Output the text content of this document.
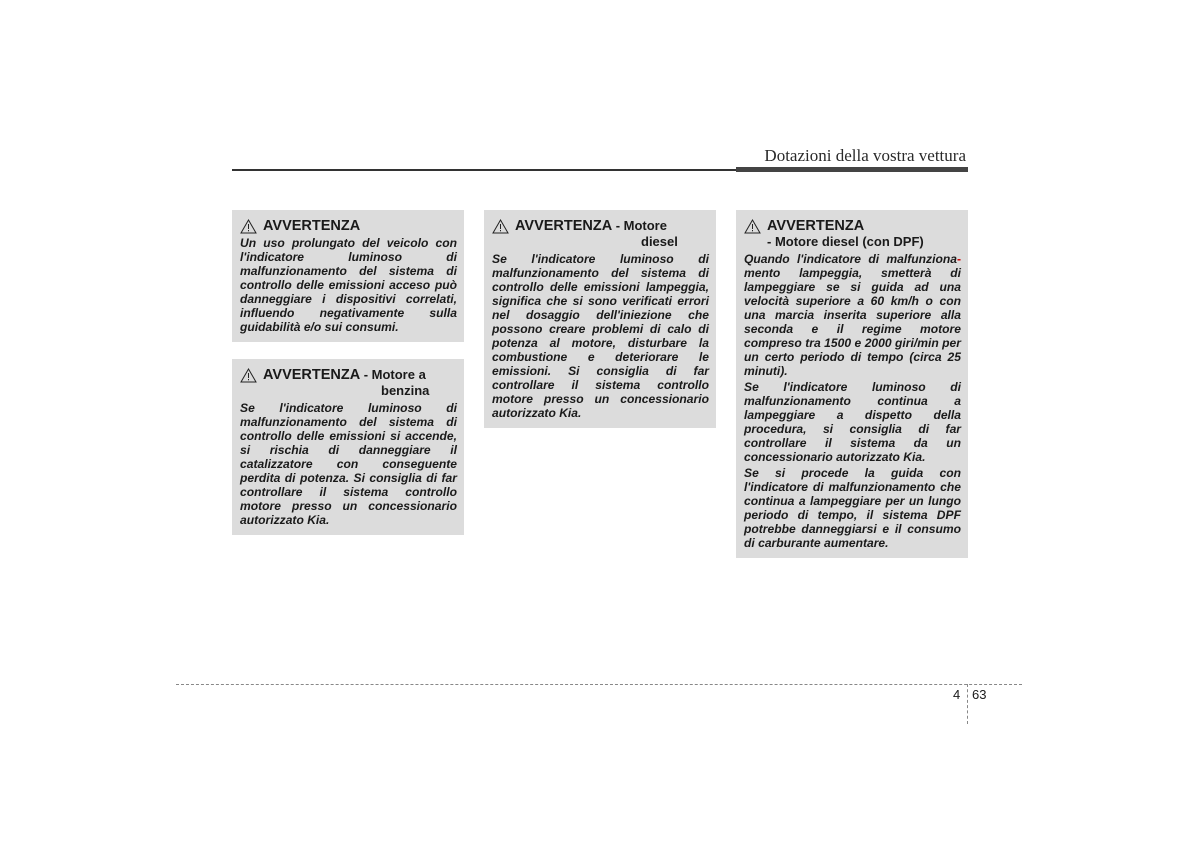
Dotazioni della vostra vettura
AVVERTENZA

Un uso prolungato del veicolo con l'indicatore luminoso di malfunzionamento del sistema di controllo delle emissioni acceso può danneggiare i dispositivi correlati, influendo negativamente sulla guidabilità e/o sui consumi.

AVVERTENZA - Motore a
benzina

Se l'indicatore luminoso di malfunzionamento del sistema di controllo delle emissioni si accende, si rischia di danneggiare il catalizzatore con conseguente perdita di potenza. Si consiglia di far controllare il sistema controllo motore presso un concessionario autorizzato Kia.

AVVERTENZA - Motore
diesel

Se l'indicatore luminoso di malfunzionamento del sistema di controllo delle emissioni lampeggia, significa che si sono verificati errori nel dosaggio dell'iniezione che possono creare problemi di calo di potenza al motore, disturbare la combustione e deteriorare le emissioni. Si consiglia di far controllare il sistema controllo motore presso un concessionario autorizzato Kia.

AVVERTENZA
- Motore diesel (con DPF)

Quando l'indicatore di malfunziona- mento lampeggia, smetterà di lampeggiare se si guida ad una velocità superiore a 60 km/h o con una marcia inserita superiore alla seconda e il regime motore compreso tra 1500 e 2000 giri/min per un certo periodo di tempo (circa 25 minuti).

Se l'indicatore luminoso di malfunzionamento continua a lampeggiare a dispetto della procedura, si consiglia di far controllare il sistema da un concessionario autorizzato Kia.

Se si procede la guida con l'indicatore di malfunzionamento che continua a lampeggiare per un lungo periodo di tempo, il sistema DPF potrebbe danneggiarsi e il consumo di carburante aumentare.

4 63
